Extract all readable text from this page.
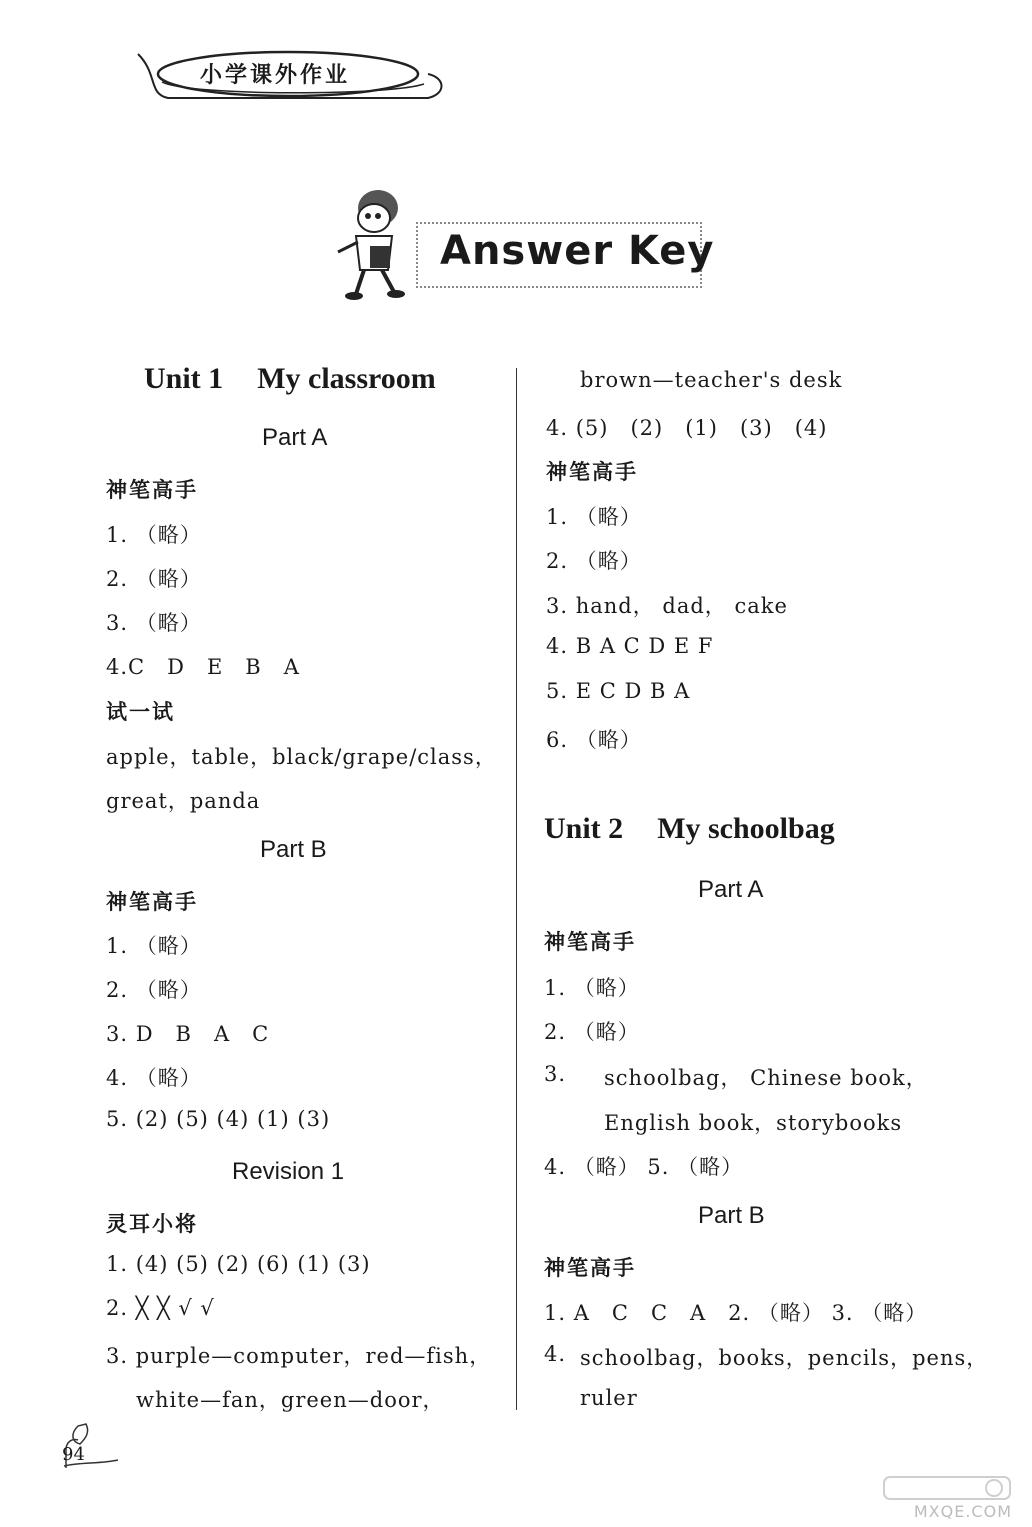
小学课外作业
Answer Key
Unit 1 My classroom
Part A
神笔高手
1. （略）
2. （略）
3. （略）
4.C　D　E　B　A
试一试
apple，table，black/grape/class，
great，panda
Part B
神笔高手
1. （略）
2. （略）
3. D　B　A　C
4. （略）
5. (2) (5) (4) (1) (3)
Revision 1
灵耳小将
1. (4) (5) (2) (6) (1) (3)
2. ╳ ╳ √ √
3. purple—computer，red—fish，
white—fan，green—door，
brown—teacher's desk
4. (5)　(2)　(1)　(3)　(4)
神笔高手
1. （略）
2. （略）
3. hand， dad， cake
4. B A C D E F
5. E C D B A
6. （略）
Unit 2 My schoolbag
Part A
神笔高手
1. （略）
2. （略）
3. schoolbag， Chinese book，
English book，storybooks
4. （略） 5. （略）
Part B
神笔高手
1. A　C　C　A　2. （略） 3. （略）
4. schoolbag，books，pencils，pens，
ruler
94
MXQE.COM
